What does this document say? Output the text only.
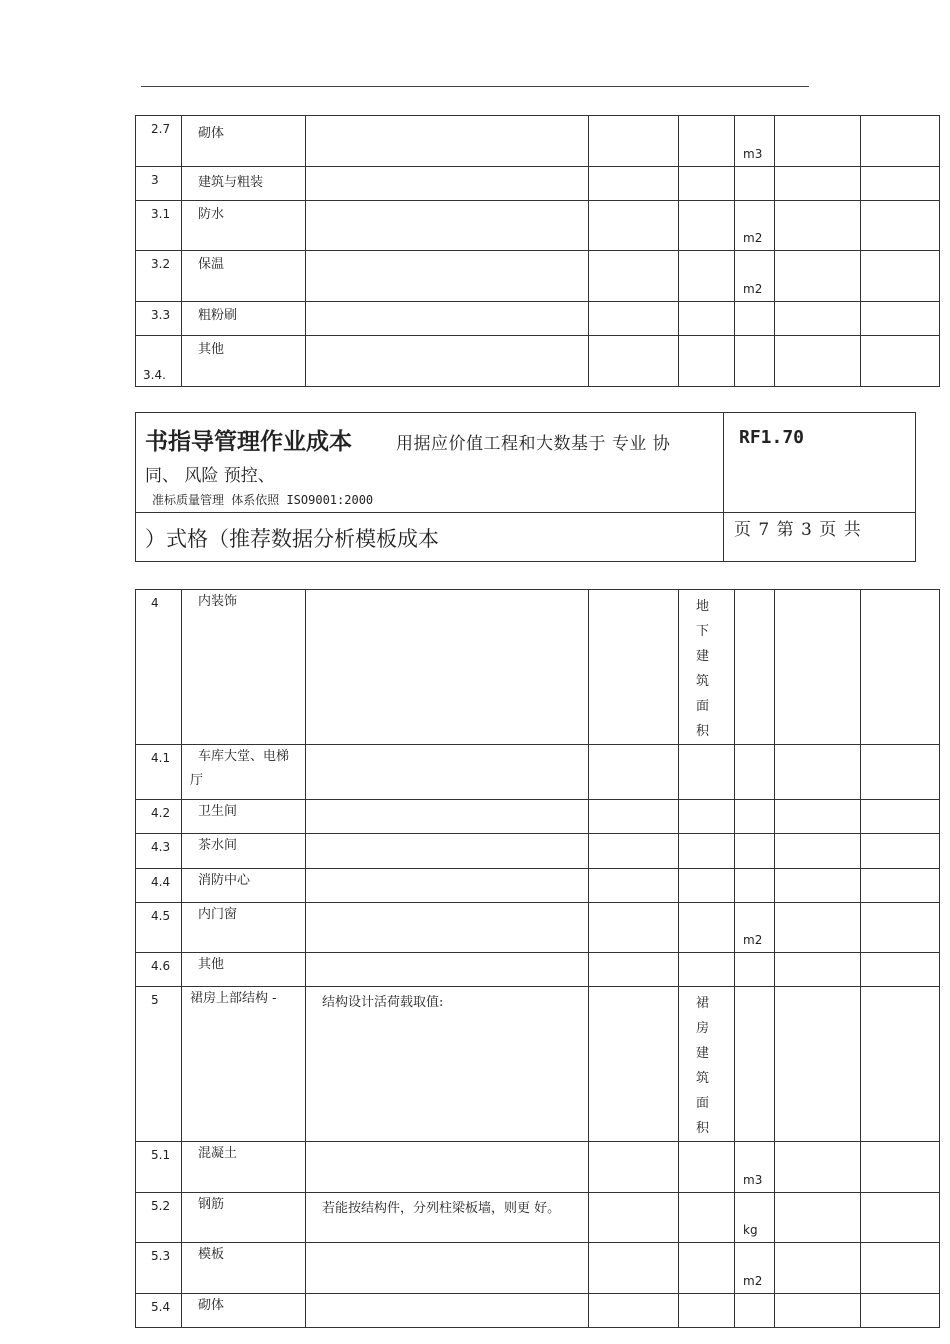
2.7	砌体				m3		

3	建筑与粗装						

3.1	防水				m2		

3.2	保温				m2		

3.3	粗粉刷						

3.4.	其他						

书指导管理作业成本	用据应价值工程和大数基于 专业 协
同、 风险 预控、
准标质量管理 体系依照 ISO9001:2000
RF1.70
）式格（推荐数据分析模板成本	页 7 第 3 页 共
4	内装饰			地下建筑面积			

4.1	车库大堂、电梯厅						

4.2	卫生间						

4.3	茶水间						

4.4	消防中心						

4.5	内门窗				m2		

4.6	其他						

5	裙房上部结构 -	结构设计活荷载取值:		裙房建筑面积			

5.1	混凝土				m3		

5.2	钢筋	若能按结构件，分列柱梁板墙，则更 好。			kg		

5.3	模板				m2		

5.4	砌体						
